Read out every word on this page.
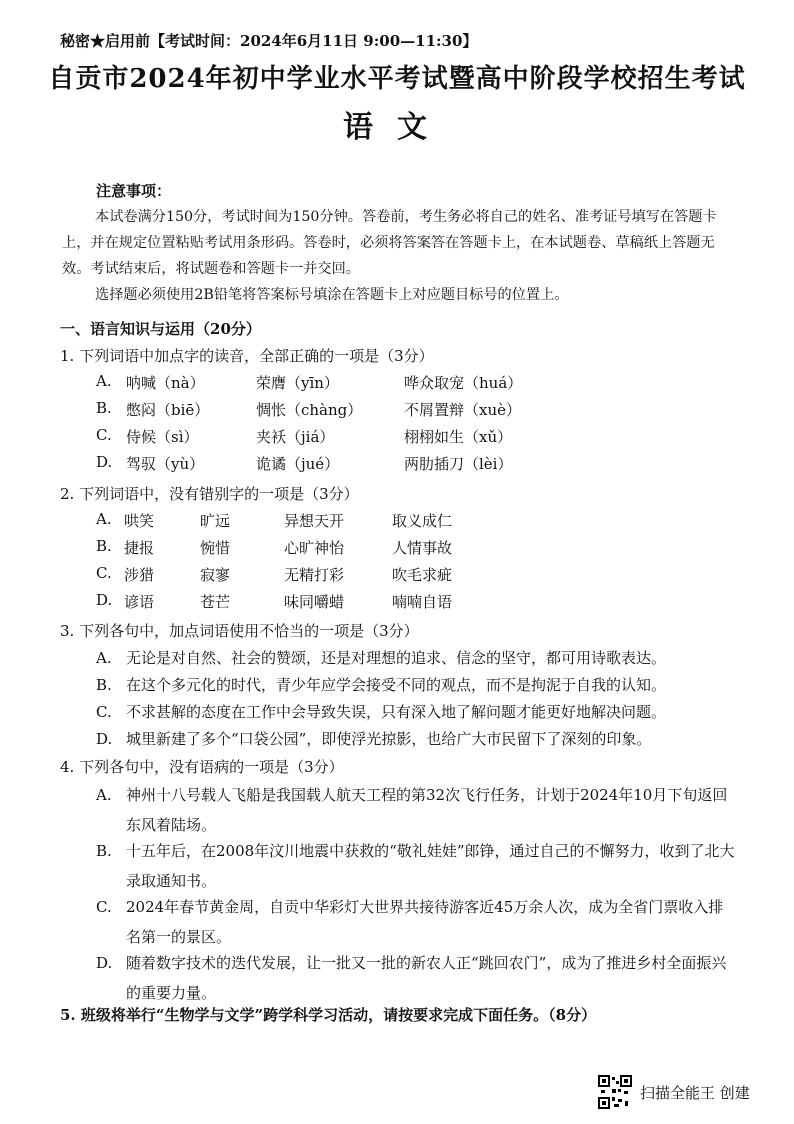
秘密★启用前【考试时间：2024年6月11日 9:00—11:30】
自贡市2024年初中学业水平考试暨高中阶段学校招生考试
语文
注意事项：

本试卷满分150分，考试时间为150分钟。答卷前，考生务必将自己的姓名、准考证号填写在答题卡上，并在规定位置粘贴考试用条形码。答卷时，必须将答案答在答题卡上，在本试题卷、草稿纸上答题无效。考试结束后，将试题卷和答题卡一并交回。

选择题必须使用2B铅笔将答案标号填涂在答题卡上对应题目标号的位置上。

一、语言知识与运用（20分）
1. 下列词语中加点字的读音，全部正确的一项是（3分）
A. 呐喊（nà）	荣膺（yīn）	哗众取宠（huá）
B. 憋闷（biē）	惆怅（chàng）	不屑置辩（xuè）
C. 侍候（sì）	夹袄（jiá）	栩栩如生（xǔ）
D. 驾驭（yù）	诡谲（jué）	两肋插刀（lèi）
2. 下列词语中，没有错别字的一项是（3分）
A. 哄笑	旷远	异想天开	取义成仁
B. 捷报	惋惜	心旷神怡	人情事故
C. 涉猎	寂寥	无精打彩	吹毛求疵
D. 谚语	苍芒	味同嚼蜡	喃喃自语
3. 下列各句中，加点词语使用不恰当的一项是（3分）
A. 无论是对自然、社会的赞颂，还是对理想的追求、信念的坚守，都可用诗歌表达。
B. 在这个多元化的时代，青少年应学会接受不同的观点，而不是拘泥于自我的认知。
C. 不求甚解的态度在工作中会导致失误，只有深入地了解问题才能更好地解决问题。
D. 城里新建了多个“口袋公园”，即使浮光掠影，也给广大市民留下了深刻的印象。
4. 下列各句中，没有语病的一项是（3分）
A. 神州十八号载人飞船是我国载人航天工程的第32次飞行任务，计划于2024年10月下旬返回东风着陆场。
B. 十五年后，在2008年汶川地震中获救的“敬礼娃娃”郎铮，通过自己的不懈努力，收到了北大录取通知书。
C. 2024年春节黄金周，自贡中华彩灯大世界共接待游客近45万余人次，成为全省门票收入排名第一的景区。
D. 随着数字技术的迭代发展，让一批又一批的新农人正“跳回农门”，成为了推进乡村全面振兴的重要力量。
5. 班级将举行“生物学与文学”跨学科学习活动，请按要求完成下面任务。（8分）
扫描全能王 创建
